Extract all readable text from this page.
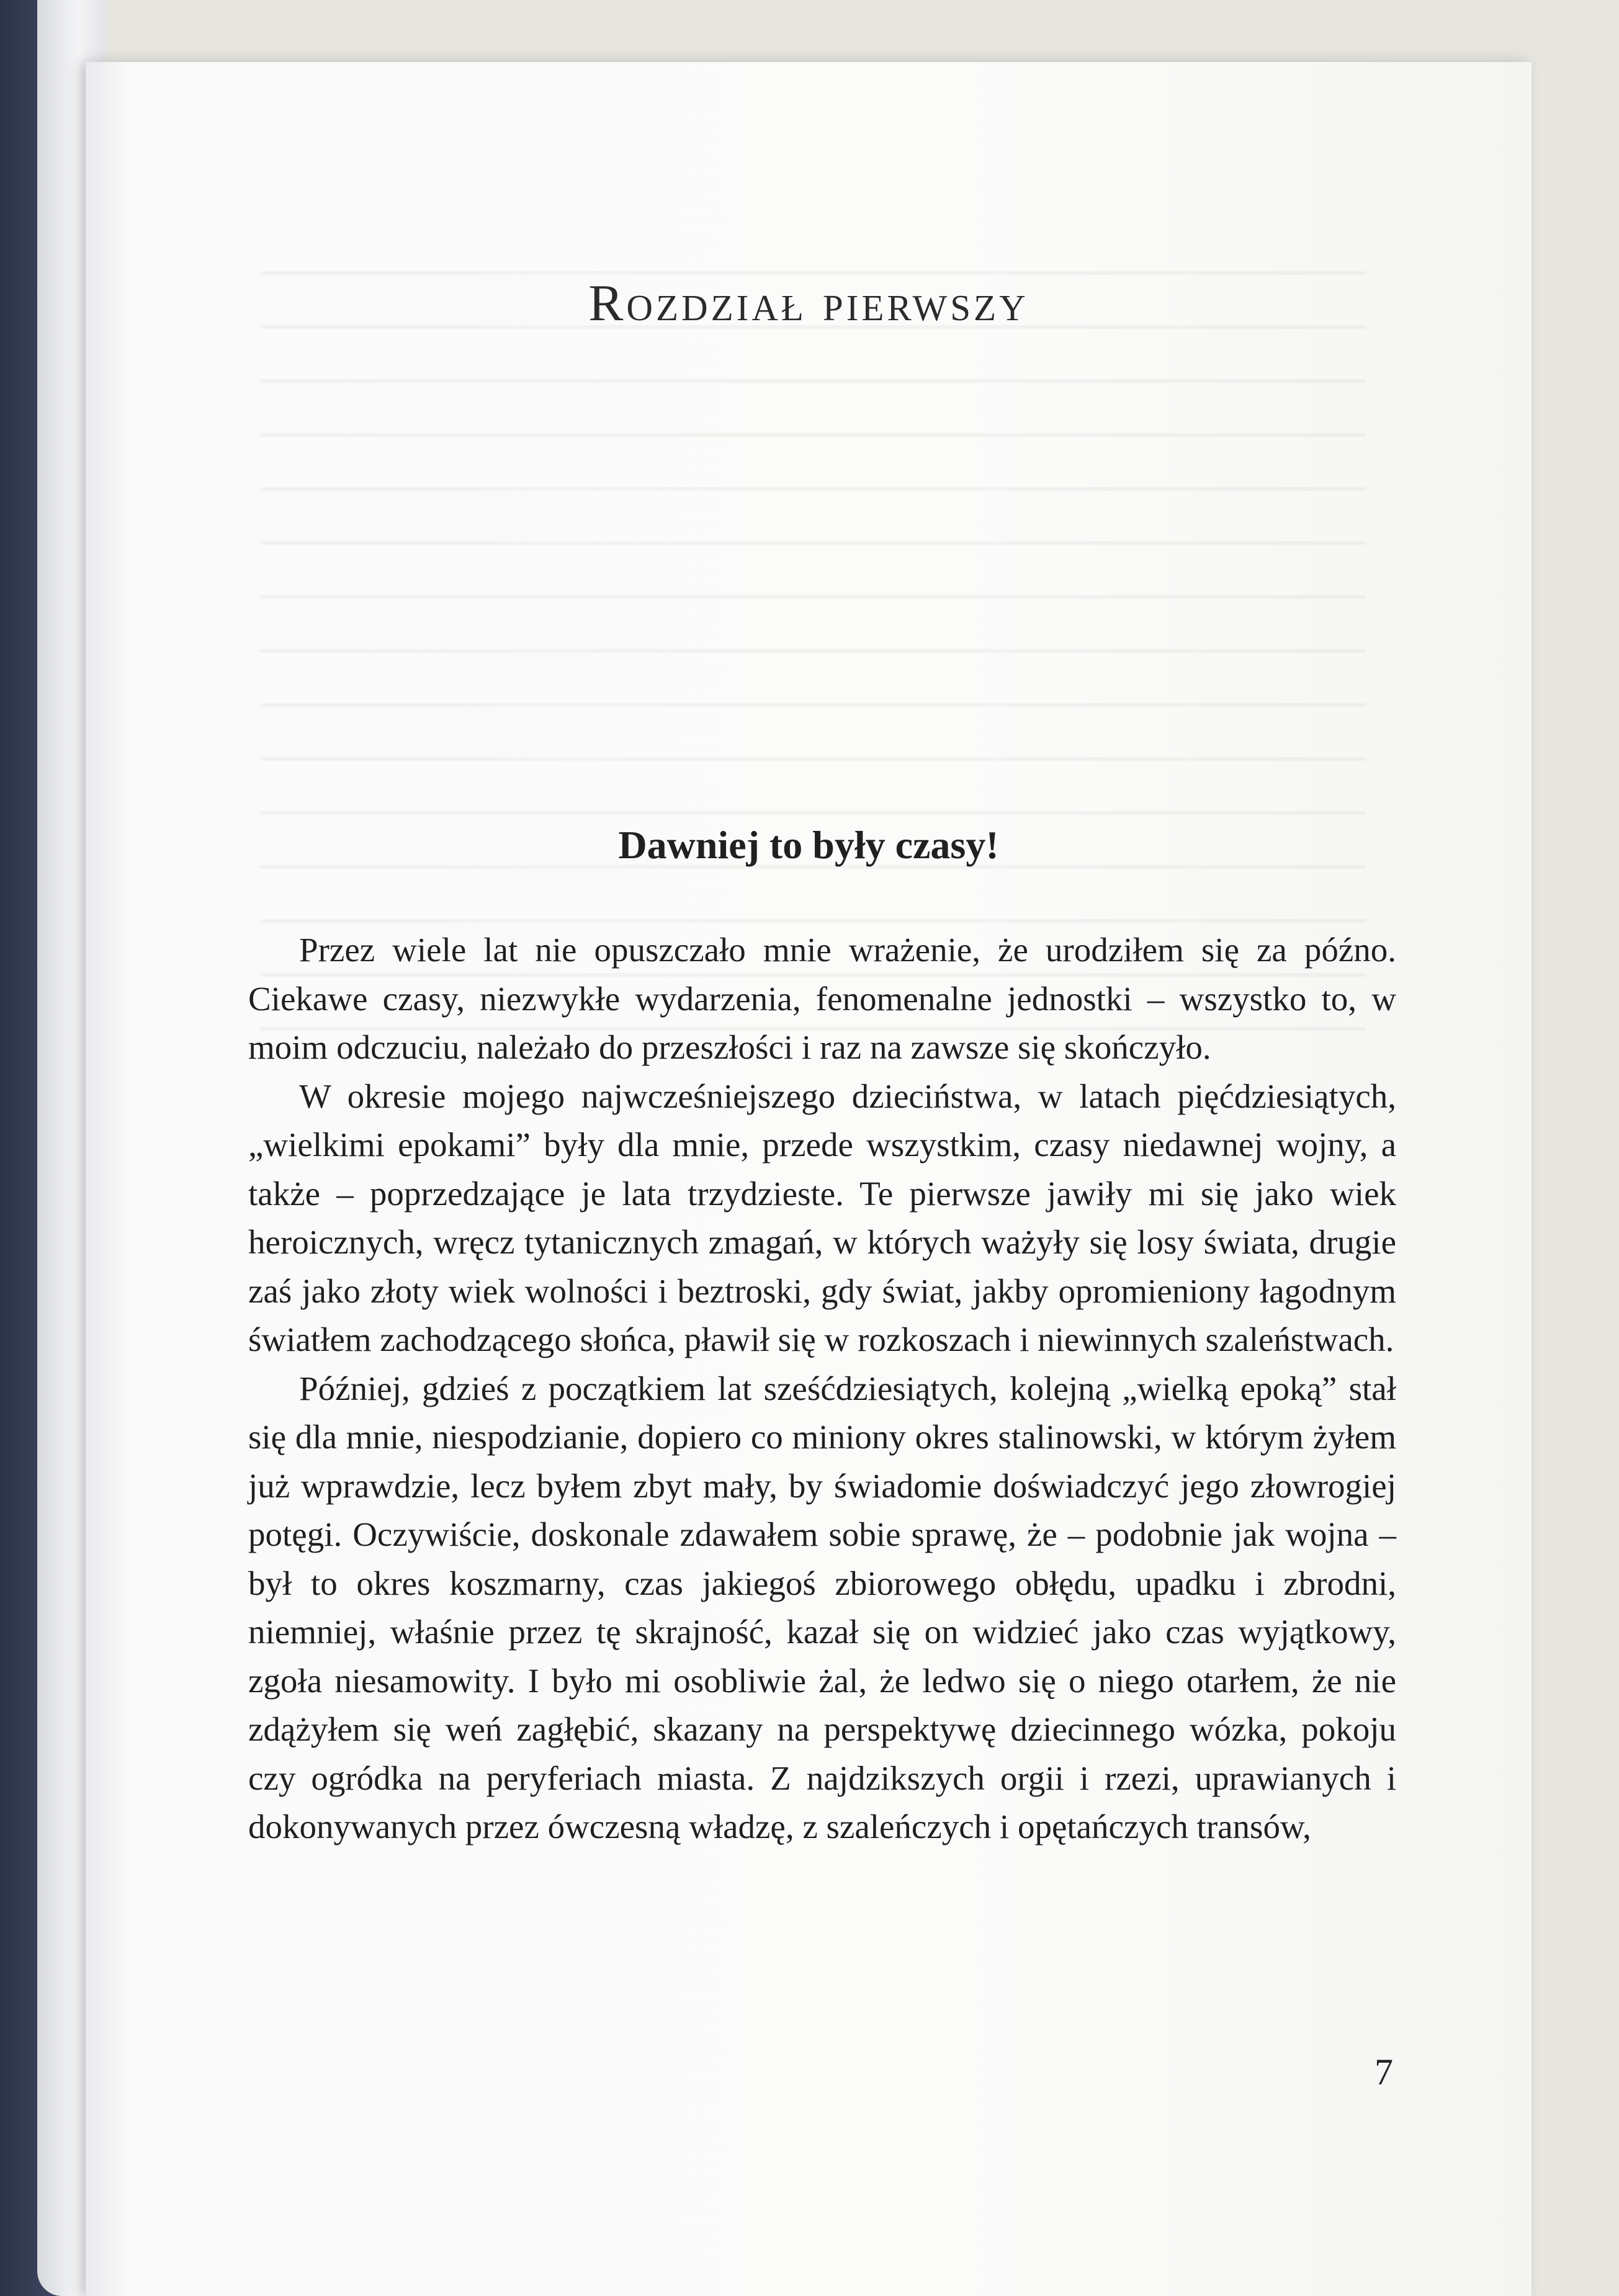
Rozdział pierwszy
Dawniej to były czasy!

Przez wiele lat nie opuszczało mnie wrażenie, że urodziłem się za późno. Ciekawe czasy, niezwykłe wydarzenia, fenomenalne jednostki – wszystko to, w moim odczuciu, należało do przeszłości i raz na zawsze się skończyło.

W okresie mojego najwcześniejszego dzieciństwa, w latach pięćdziesiątych, „wielkimi epokami” były dla mnie, przede wszystkim, czasy niedawnej wojny, a także – poprzedzające je lata trzydzieste. Te pierwsze jawiły mi się jako wiek heroicznych, wręcz tytanicznych zmagań, w których ważyły się losy świata, drugie zaś jako złoty wiek wolności i beztroski, gdy świat, jakby opromieniony łagodnym światłem zachodzącego słońca, pławił się w rozkoszach i niewinnych szaleństwach.

Później, gdzieś z początkiem lat sześćdziesiątych, kolejną „wielką epoką” stał się dla mnie, niespodzianie, dopiero co miniony okres stalinowski, w którym żyłem już wprawdzie, lecz byłem zbyt mały, by świadomie doświadczyć jego złowrogiej potęgi. Oczywiście, doskonale zdawałem sobie sprawę, że – podobnie jak wojna – był to okres koszmarny, czas jakiegoś zbiorowego obłędu, upadku i zbrodni, niemniej, właśnie przez tę skrajność, kazał się on widzieć jako czas wyjątkowy, zgoła niesamowity. I było mi osobliwie żal, że ledwo się o niego otarłem, że nie zdążyłem się weń zagłębić, skazany na perspektywę dziecinnego wózka, pokoju czy ogródka na peryferiach miasta. Z najdzikszych orgii i rzezi, uprawianych i dokonywanych przez ówczesną władzę, z szaleńczych i opętańczych transów,

7
